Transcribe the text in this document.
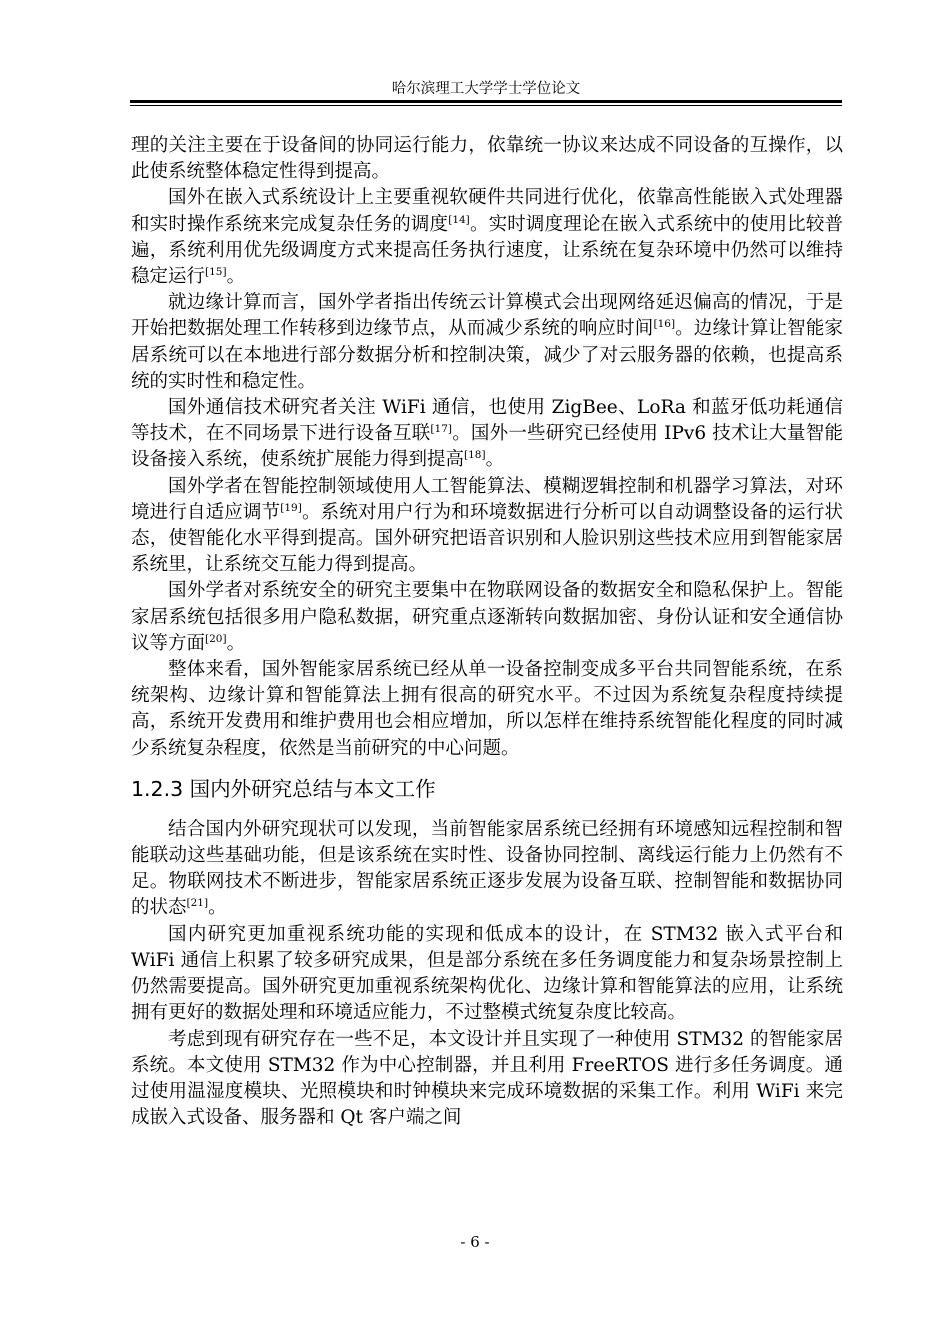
哈尔滨理工大学学士学位论文

理的关注主要在于设备间的协同运行能力，依靠统一协议来达成不同设备的互操作，以此使系统整体稳定性得到提高。

国外在嵌入式系统设计上主要重视软硬件共同进行优化，依靠高性能嵌入式处理器和实时操作系统来完成复杂任务的调度[14]。实时调度理论在嵌入式系统中的使用比较普遍，系统利用优先级调度方式来提高任务执行速度，让系统在复杂环境中仍然可以维持稳定运行[15]。

就边缘计算而言，国外学者指出传统云计算模式会出现网络延迟偏高的情况，于是开始把数据处理工作转移到边缘节点，从而减少系统的响应时间[16]。边缘计算让智能家居系统可以在本地进行部分数据分析和控制决策，减少了对云服务器的依赖，也提高系统的实时性和稳定性。

国外通信技术研究者关注 WiFi 通信，也使用 ZigBee、LoRa 和蓝牙低功耗通信等技术，在不同场景下进行设备互联[17]。国外一些研究已经使用 IPv6 技术让大量智能设备接入系统，使系统扩展能力得到提高[18]。

国外学者在智能控制领域使用人工智能算法、模糊逻辑控制和机器学习算法，对环境进行自适应调节[19]。系统对用户行为和环境数据进行分析可以自动调整设备的运行状态，使智能化水平得到提高。国外研究把语音识别和人脸识别这些技术应用到智能家居系统里，让系统交互能力得到提高。

国外学者对系统安全的研究主要集中在物联网设备的数据安全和隐私保护上。智能家居系统包括很多用户隐私数据，研究重点逐渐转向数据加密、身份认证和安全通信协议等方面[20]。

整体来看，国外智能家居系统已经从单一设备控制变成多平台共同智能系统，在系统架构、边缘计算和智能算法上拥有很高的研究水平。不过因为系统复杂程度持续提高，系统开发费用和维护费用也会相应增加，所以怎样在维持系统智能化程度的同时减少系统复杂程度，依然是当前研究的中心问题。

1.2.3 国内外研究总结与本文工作

结合国内外研究现状可以发现，当前智能家居系统已经拥有环境感知远程控制和智能联动这些基础功能，但是该系统在实时性、设备协同控制、离线运行能力上仍然有不足。物联网技术不断进步，智能家居系统正逐步发展为设备互联、控制智能和数据协同的状态[21]。

国内研究更加重视系统功能的实现和低成本的设计，在 STM32 嵌入式平台和 WiFi 通信上积累了较多研究成果，但是部分系统在多任务调度能力和复杂场景控制上仍然需要提高。国外研究更加重视系统架构优化、边缘计算和智能算法的应用，让系统拥有更好的数据处理和环境适应能力，不过整模式统复杂度比较高。

考虑到现有研究存在一些不足，本文设计并且实现了一种使用 STM32 的智能家居系统。本文使用 STM32 作为中心控制器，并且利用 FreeRTOS 进行多任务调度。通过使用温湿度模块、光照模块和时钟模块来完成环境数据的采集工作。利用 WiFi 来完成嵌入式设备、服务器和 Qt 客户端之间

- 6 -
